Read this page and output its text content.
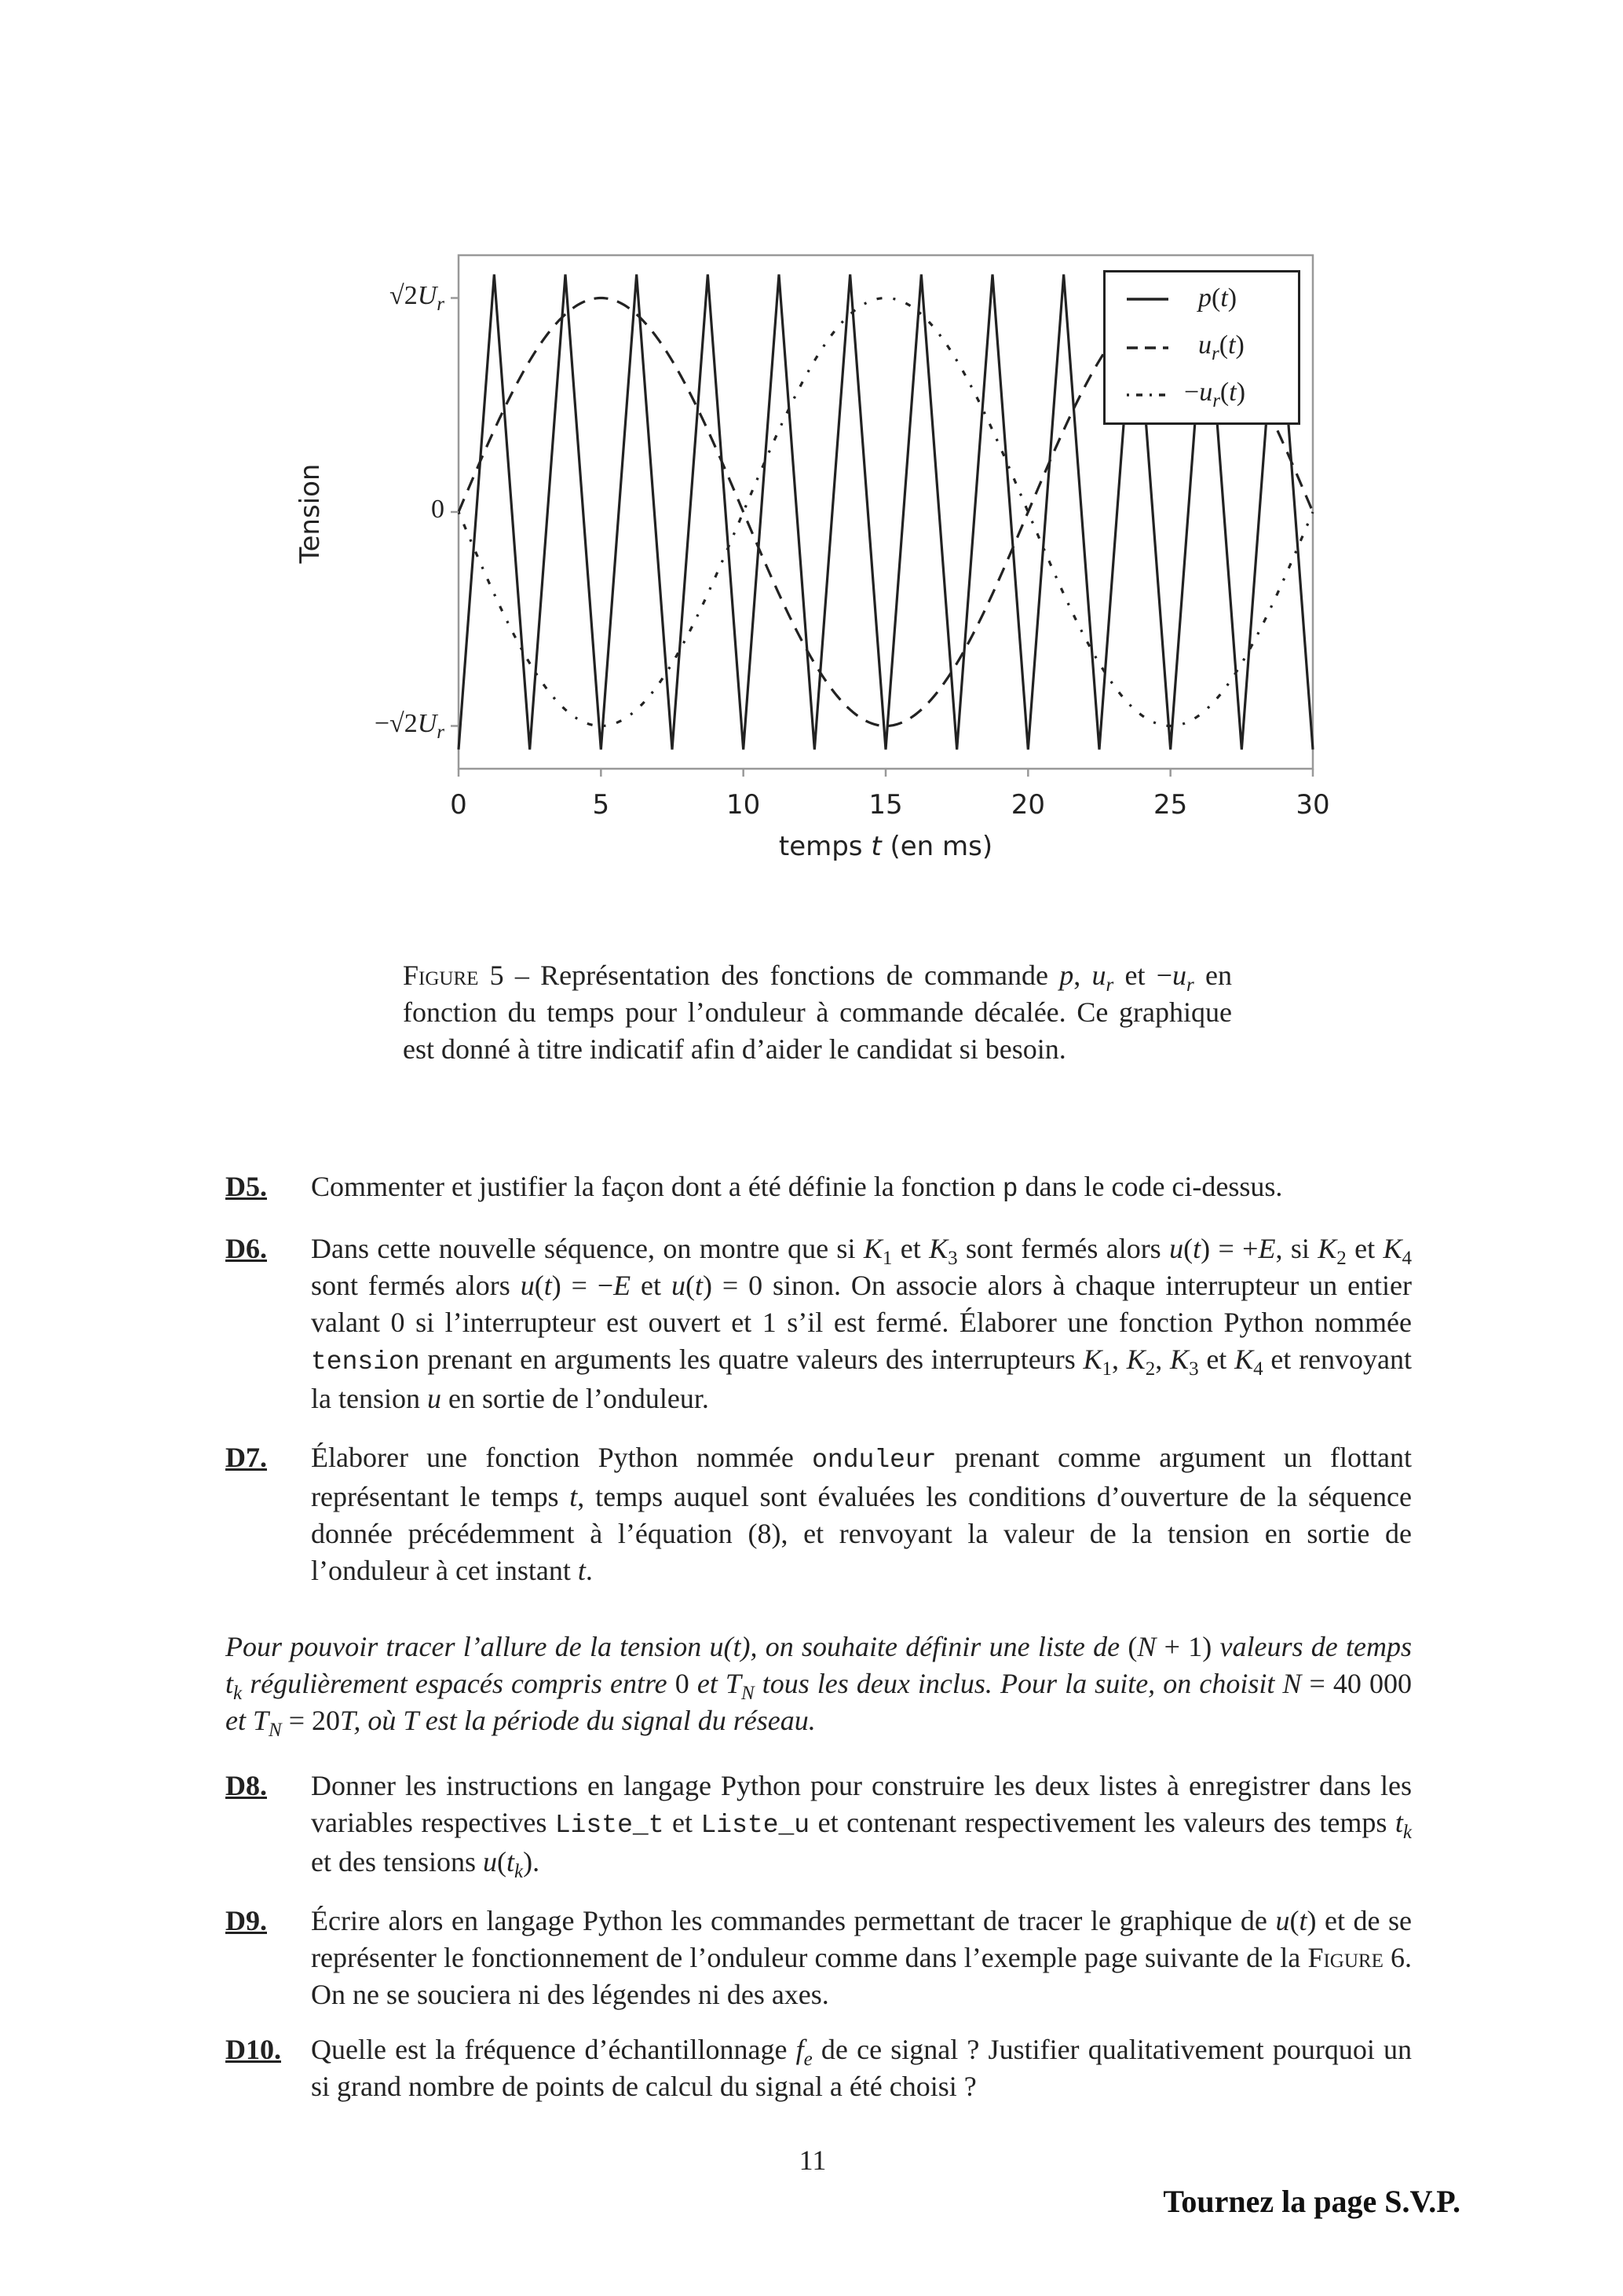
Tension
$√2U_r$
0
$-√2U_r$
0	5	10	15	20	25	30
temps t (en ms)
p(t)
$u_r(t)$
$-u_r(t)$
Figure 5 – Représentation des fonctions de commande p, $u_r$ et $-u_r$ en fonction du temps pour l’onduleur à commande décalée. Ce graphique est donné à titre indicatif afin d’aider le candidat si besoin.
D5. Commenter et justifier la façon dont a été définie la fonction p dans le code ci-dessus.
D6. Dans cette nouvelle séquence, on montre que si $K_1$ et $K_3$ sont fermés alors u(t) = +E, si $K_2$ et $K_4$ sont fermés alors u(t) = −E et u(t) = 0 sinon. On associe alors à chaque interrupteur un entier valant 0 si l’interrupteur est ouvert et 1 s’il est fermé. Élaborer une fonction Python nommée tension prenant en arguments les quatre valeurs des interrupteurs $K_1$, $K_2$, $K_3$ et $K_4$ et renvoyant la tension u en sortie de l’onduleur.
D7. Élaborer une fonction Python nommée onduleur prenant comme argument un flottant représentant le temps t, temps auquel sont évaluées les conditions d’ouverture de la séquence donnée précédemment à l’équation (8), et renvoyant la valeur de la tension en sortie de l’onduleur à cet instant t.
Pour pouvoir tracer l’allure de la tension u(t), on souhaite définir une liste de (N + 1) valeurs de temps $t_k$ régulièrement espacés compris entre 0 et $T_N$ tous les deux inclus. Pour la suite, on choisit N = 40 000 et $T_N = 20T$, où T est la période du signal du réseau.
D8. Donner les instructions en langage Python pour construire les deux listes à enregistrer dans les variables respectives Liste_t et Liste_u et contenant respectivement les valeurs des temps $t_k$ et des tensions $u(t_k)$.
D9. Écrire alors en langage Python les commandes permettant de tracer le graphique de u(t) et de se représenter le fonctionnement de l’onduleur comme dans l’exemple page suivante de la Figure 6. On ne se souciera ni des légendes ni des axes.
D10. Quelle est la fréquence d’échantillonnage $f_e$ de ce signal ? Justifier qualitativement pourquoi un si grand nombre de points de calcul du signal a été choisi ?
11
Tournez la page S.V.P.
